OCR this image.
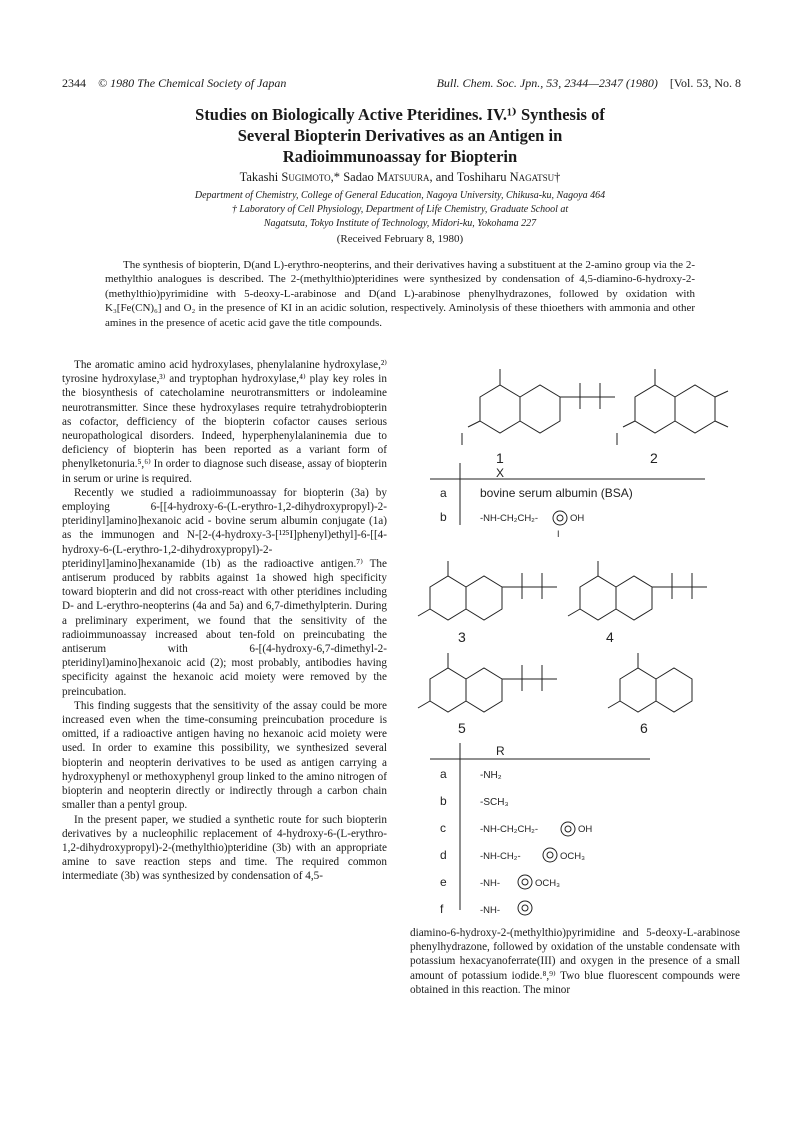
2344 © 1980 The Chemical Society of Japan	Bull. Chem. Soc. Jpn., 53, 2344—2347 (1980) [Vol. 53, No. 8
Studies on Biologically Active Pteridines. IV.¹⁾ Synthesis of
Several Biopterin Derivatives as an Antigen in
Radioimmunoassay for Biopterin
Takashi Sugimoto,* Sadao Matsuura, and Toshiharu Nagatsu†
Department of Chemistry, College of General Education, Nagoya University, Chikusa-ku, Nagoya 464
† Laboratory of Cell Physiology, Department of Life Chemistry, Graduate School at
Nagatsuta, Tokyo Institute of Technology, Midori-ku, Yokohama 227
(Received February 8, 1980)

The synthesis of biopterin, D(and L)-erythro-neopterins, and their derivatives having a substituent at the 2-amino group via the 2-methylthio analogues is described. The 2-(methylthio)pteridines were synthesized by condensation of 4,5-diamino-6-hydroxy-2-(methylthio)pyrimidine with 5-deoxy-L-arabinose and D(and L)-arabinose phenylhydrazones, followed by oxidation with K₃[Fe(CN)₆] and O₂ in the presence of KI in an acidic solution, respectively. Aminolysis of these thioethers with ammonia and other amines in the presence of acetic acid gave the title compounds.

The aromatic amino acid hydroxylases, phenylalanine hydroxylase,²⁾ tyrosine hydroxylase,³⁾ and tryptophan hydroxylase,⁴⁾ play key roles in the biosynthesis of catecholamine neurotransmitters or indoleamine neurotransmitter. Since these hydroxylases require tetrahydrobiopterin as cofactor, defficiency of the biopterin cofactor causes serious neuropathological disorders. Indeed, hyperphenylalaninemia due to deficiency of biopterin has been reported as a variant form of phenylketonuria.⁵,⁶⁾ In order to diagnose such disease, assay of biopterin in serum or urine is required.

Recently we studied a radioimmunoassay for biopterin (3a) by employing 6-[[4-hydroxy-6-(L-erythro-1,2-dihydroxypropyl)-2-pteridinyl]amino]hexanoic acid - bovine serum albumin conjugate (1a) as the immunogen and N-[2-(4-hydroxy-3-[¹²⁵I]phenyl)ethyl]-6-[[4-hydroxy-6-(L-erythro-1,2-dihydroxypropyl)-2-pteridinyl]amino]hexanamide (1b) as the radioactive antigen.⁷⁾ The antiserum produced by rabbits against 1a showed high specificity toward biopterin and did not cross-react with other pteridines including D- and L-erythro-neopterins (4a and 5a) and 6,7-dimethylpterin. During a preliminary experiment, we found that the sensitivity of the radioimmunoassay increased about ten-fold on preincubating the antiserum with 6-[(4-hydroxy-6,7-dimethyl-2-pteridinyl)amino]hexanoic acid (2); most probably, antibodies having specificity against the hexanoic acid moiety were removed by the preincubation.

This finding suggests that the sensitivity of the assay could be more increased even when the time-consuming preincubation procedure is omitted, if a radioactive antigen having no hexanoic acid moiety were used. In order to examine this possibility, we synthesized several biopterin and neopterin derivatives to be used as antigen carrying a hydroxyphenyl or methoxyphenyl group linked to the amino nitrogen of biopterin and neopterin directly or indirectly through a carbon chain smaller than a pentyl group.

In the present paper, we studied a synthetic route for such biopterin derivatives by a nucleophilic replacement of 4-hydroxy-6-(L-erythro-1,2-dihydroxypropyl)-2-(methylthio)pteridine (3b) with an appropriate amine to save reaction steps and time. The required common intermediate (3b) was synthesized by condensation of 4,5-

diamino-6-hydroxy-2-(methylthio)pyrimidine and 5-deoxy-L-arabinose phenylhydrazone, followed by oxidation of the unstable condensate with potassium hexacyanoferrate(III) and oxygen in the presence of a small amount of potassium iodide.⁸,⁹⁾ Two blue fluorescent compounds were obtained in this reaction. The minor

1	2
3	4
5	6
X
a	bovine serum albumin (BSA)
b	-NH-CH₂CH₂-	OH
I
R
a	-NH₂
b	-SCH₃
c	-NH-CH₂CH₂-	OH
d	-NH-CH₂-	OCH₃
e	-NH-	OCH₃
f	-NH-
